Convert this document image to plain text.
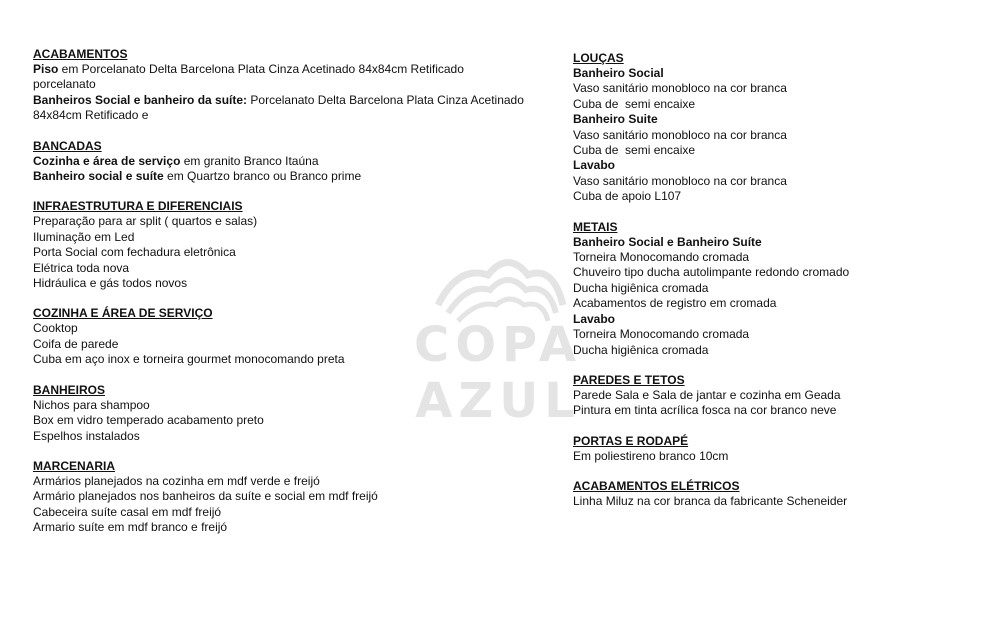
ACABAMENTOS
Piso em Porcelanato Delta Barcelona Plata Cinza Acetinado 84x84cm Retificado
porcelanato
Banheiros Social e banheiro da suíte: Porcelanato Delta Barcelona Plata Cinza Acetinado
84x84cm Retificado e
BANCADAS
Cozinha e área de serviço em granito Branco Itaúna
Banheiro social e suíte em Quartzo branco ou Branco prime
INFRAESTRUTURA E DIFERENCIAIS
Preparação para ar split ( quartos e salas)
Iluminação em Led
Porta Social com fechadura eletrônica
Elétrica toda nova
Hidráulica e gás todos novos
COZINHA E ÁREA DE SERVIÇO
Cooktop
Coifa de parede
Cuba em aço inox e torneira gourmet monocomando preta
BANHEIROS
Nichos para shampoo
Box em vidro temperado acabamento preto
Espelhos instalados
MARCENARIA
Armários planejados na cozinha em mdf verde e freijó
Armário planejados nos banheiros da suíte e social em mdf freijó
Cabeceira suíte casal em mdf freijó
Armario suíte em mdf branco e freijó
LOUÇAS
Banheiro Social
Vaso sanitário monobloco na cor branca
Cuba de  semi encaixe
Banheiro Suite
Vaso sanitário monobloco na cor branca
Cuba de  semi encaixe
Lavabo
Vaso sanitário monobloco na cor branca
Cuba de apoio L107
METAIS
Banheiro Social e Banheiro Suíte
Torneira Monocomando cromada
Chuveiro tipo ducha autolimpante redondo cromado
Ducha higiênica cromada
Acabamentos de registro em cromada
Lavabo
Torneira Monocomando cromada
Ducha higiênica cromada
PAREDES E TETOS
Parede Sala e Sala de jantar e cozinha em Geada
Pintura em tinta acrílica fosca na cor branco neve
PORTAS E RODAPÉ
Em poliestireno branco 10cm
ACABAMENTOS ELÉTRICOS
Linha Miluz na cor branca da fabricante Scheneider
COPA AZUL
